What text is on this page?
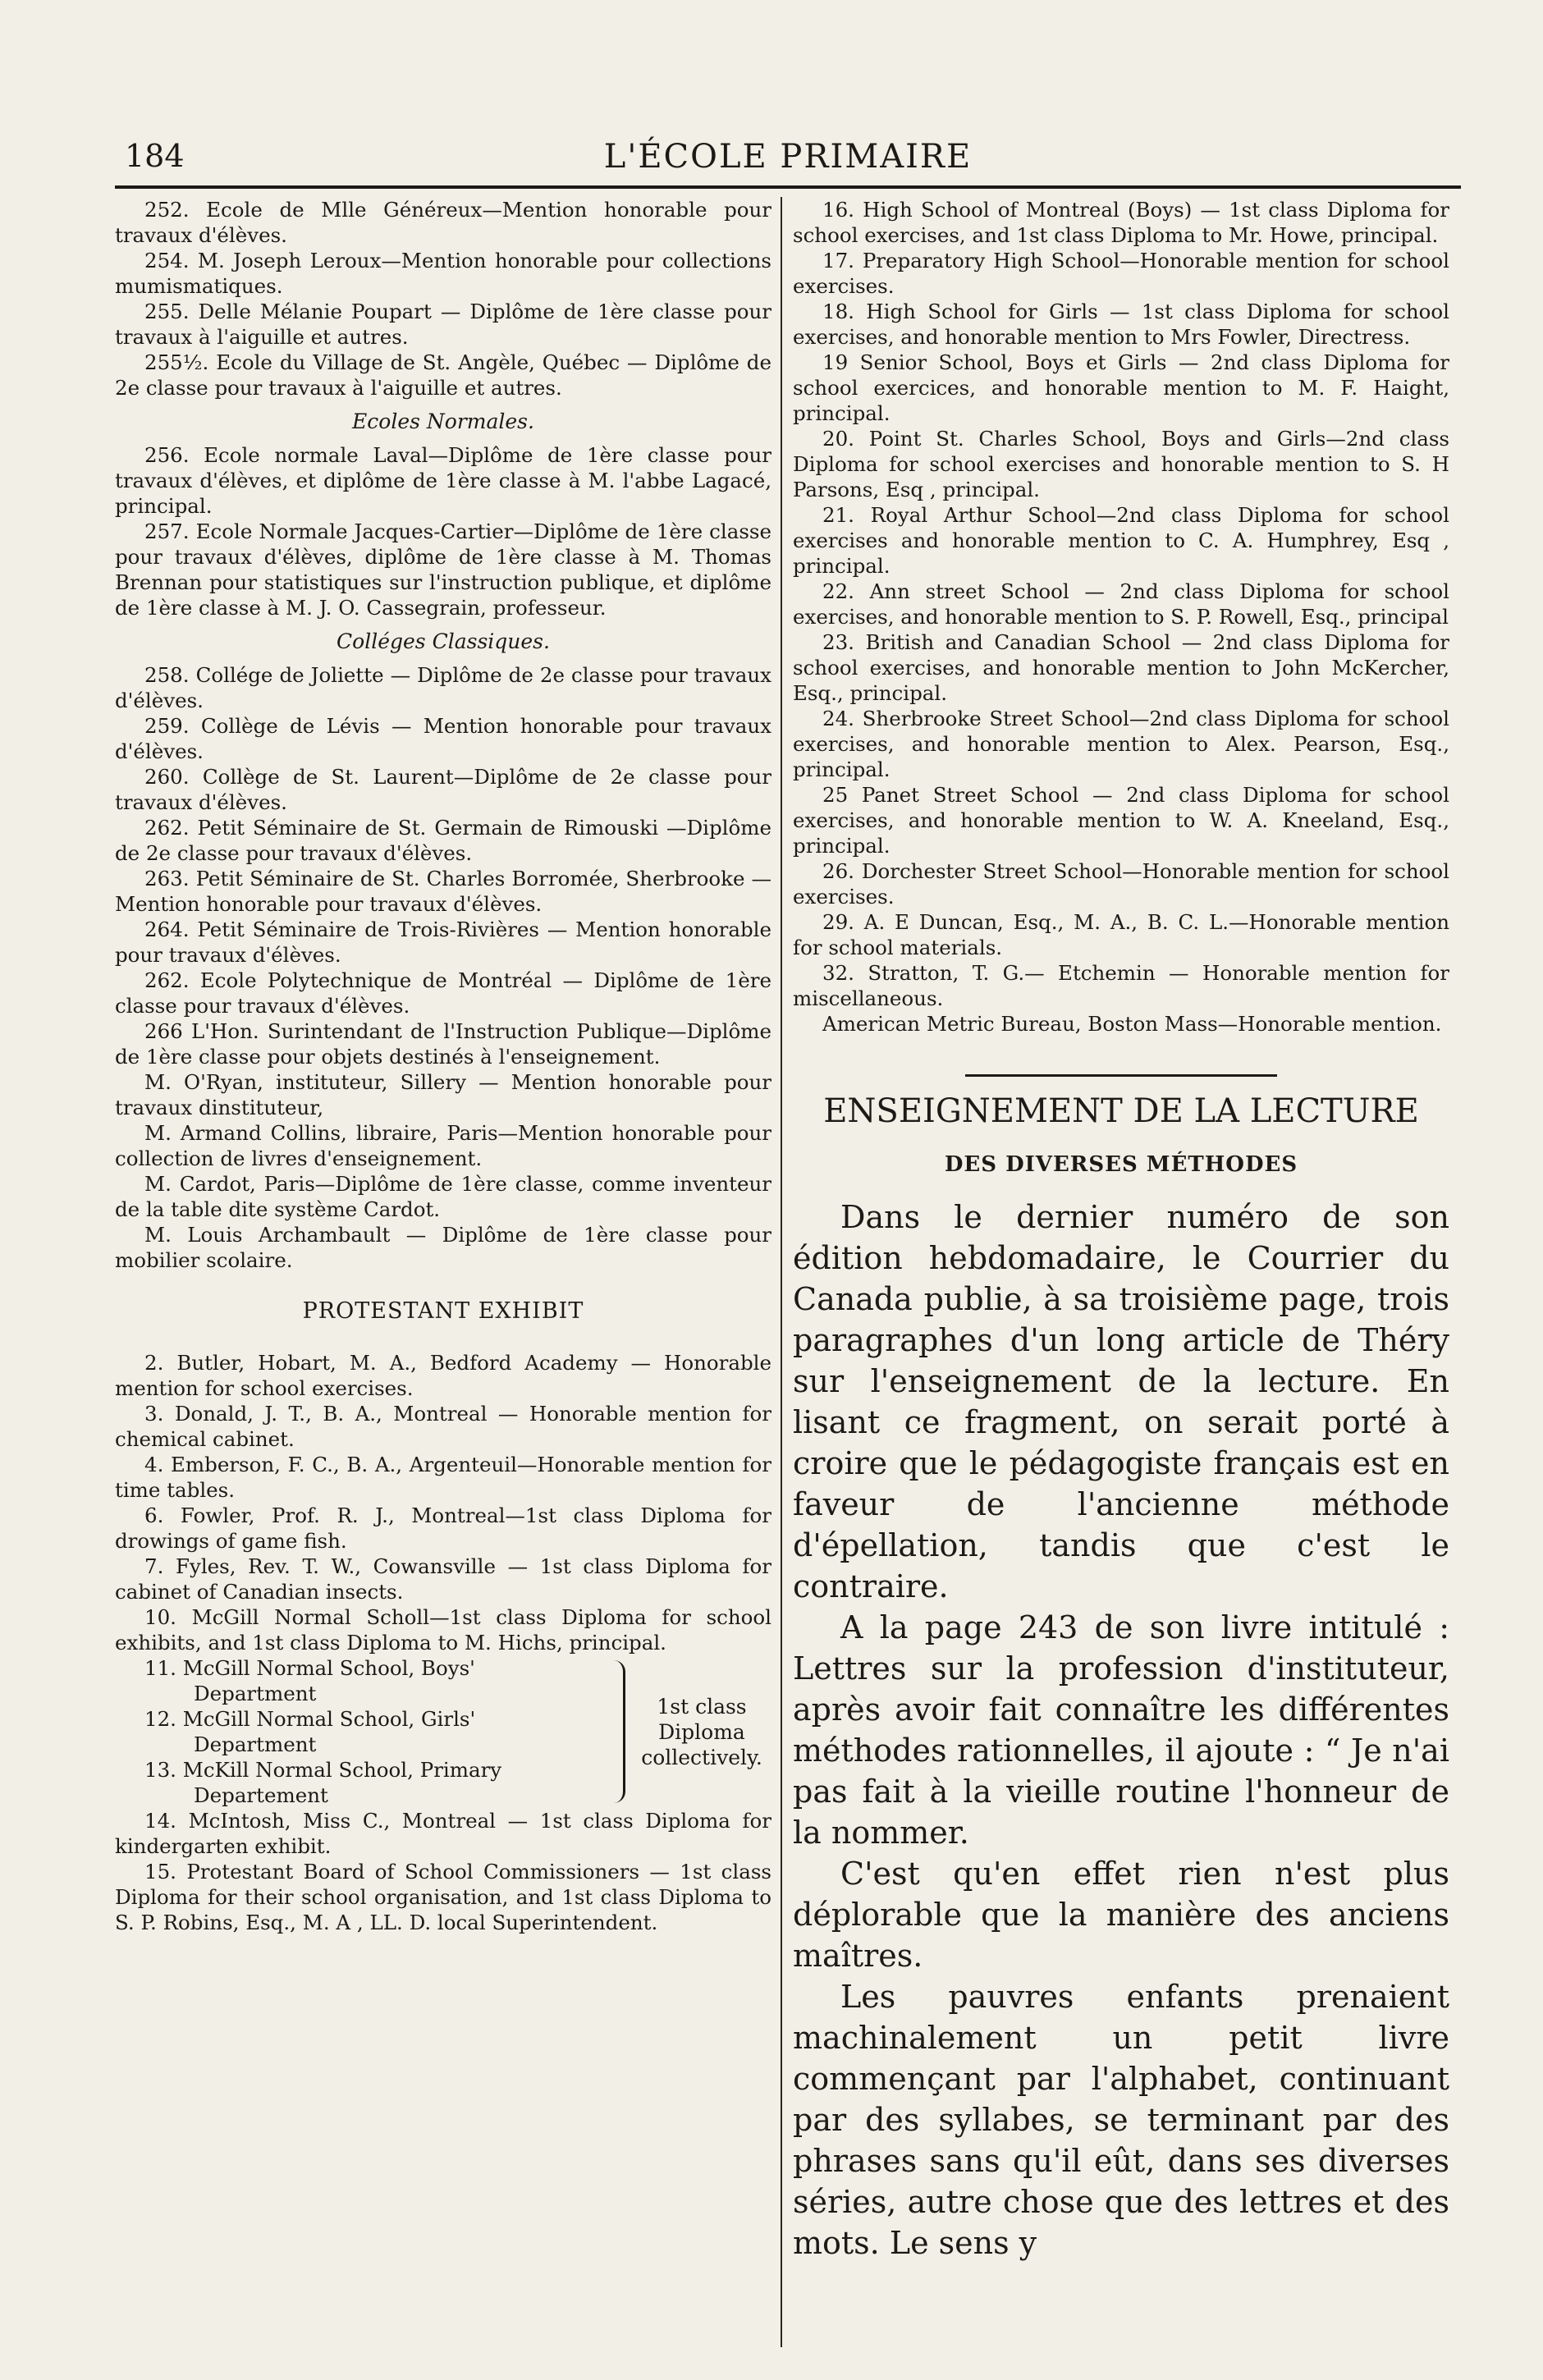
184	L'ÉCOLE PRIMAIRE

252. Ecole de Mlle Généreux—Mention honorable pour travaux d'élèves.

254. M. Joseph Leroux—Mention honorable pour collections mumismatiques.

255. Delle Mélanie Poupart — Diplôme de 1ère classe pour travaux à l'aiguille et autres.

255½. Ecole du Village de St. Angèle, Québec — Diplôme de 2e classe pour travaux à l'aiguille et autres.

Ecoles Normales.

256. Ecole normale Laval—Diplôme de 1ère classe pour travaux d'élèves, et diplôme de 1ère classe à M. l'abbe Lagacé, principal.

257. Ecole Normale Jacques-Cartier—Diplôme de 1ère classe pour travaux d'élèves, diplôme de 1ère classe à M. Thomas Brennan pour statistiques sur l'instruction publique, et diplôme de 1ère classe à M. J. O. Cassegrain, professeur.

Colléges Classiques.

258. Collége de Joliette — Diplôme de 2e classe pour travaux d'élèves.

259. Collège de Lévis — Mention honorable pour travaux d'élèves.

260. Collège de St. Laurent—Diplôme de 2e classe pour travaux d'élèves.

262. Petit Séminaire de St. Germain de Rimouski —Diplôme de 2e classe pour travaux d'élèves.

263. Petit Séminaire de St. Charles Borromée, Sherbrooke — Mention honorable pour travaux d'élèves.

264. Petit Séminaire de Trois-Rivières — Mention honorable pour travaux d'élèves.

262. Ecole Polytechnique de Montréal — Diplôme de 1ère classe pour travaux d'élèves.

266 L'Hon. Surintendant de l'Instruction Publique—Diplôme de 1ère classe pour objets destinés à l'enseignement.

M. O'Ryan, instituteur, Sillery — Mention honorable pour travaux dinstituteur,

M. Armand Collins, libraire, Paris—Mention honorable pour collection de livres d'enseignement.

M. Cardot, Paris—Diplôme de 1ère classe, comme inventeur de la table dite système Cardot.

M. Louis Archambault — Diplôme de 1ère classe pour mobilier scolaire.

PROTESTANT EXHIBIT

2. Butler, Hobart, M. A., Bedford Academy — Honorable mention for school exercises.

3. Donald, J. T., B. A., Montreal — Honorable mention for chemical cabinet.

4. Emberson, F. C., B. A., Argenteuil—Honorable mention for time tables.

6. Fowler, Prof. R. J., Montreal—1st class Diploma for drowings of game fish.

7. Fyles, Rev. T. W., Cowansville — 1st class Diploma for cabinet of Canadian insects.

10. McGill Normal Scholl—1st class Diploma for school exhibits, and 1st class Diploma to M. Hichs, principal.

11. McGill Normal School, Boys'

Department

12. McGill Normal School, Girls'

Department

13. McKill Normal School, Primary

Departement

1st class Diploma collectively.

14. McIntosh, Miss C., Montreal — 1st class Diploma for kindergarten exhibit.

15. Protestant Board of School Commissioners — 1st class Diploma for their school organisation, and 1st class Diploma to S. P. Robins, Esq., M. A , LL. D. local Superintendent.

16. High School of Montreal (Boys) — 1st class Diploma for school exercises, and 1st class Diploma to Mr. Howe, principal.

17. Preparatory High School—Honorable mention for school exercises.

18. High School for Girls — 1st class Diploma for school exercises, and honorable mention to Mrs Fowler, Directress.

19 Senior School, Boys et Girls — 2nd class Diploma for school exercices, and honorable mention to M. F. Haight, principal.

20. Point St. Charles School, Boys and Girls—2nd class Diploma for school exercises and honorable mention to S. H Parsons, Esq , principal.

21. Royal Arthur School—2nd class Diploma for school exercises and honorable mention to C. A. Humphrey, Esq , principal.

22. Ann street School — 2nd class Diploma for school exercises, and honorable mention to S. P. Rowell, Esq., principal

23. British and Canadian School — 2nd class Diploma for school exercises, and honorable mention to John McKercher, Esq., principal.

24. Sherbrooke Street School—2nd class Diploma for school exercises, and honorable mention to Alex. Pearson, Esq., principal.

25 Panet Street School — 2nd class Diploma for school exercises, and honorable mention to W. A. Kneeland, Esq., principal.

26. Dorchester Street School—Honorable mention for school exercises.

29. A. E Duncan, Esq., M. A., B. C. L.—Honorable mention for school materials.

32. Stratton, T. G.— Etchemin — Honorable mention for miscellaneous.

American Metric Bureau, Boston Mass—Honorable mention.

ENSEIGNEMENT DE LA LECTURE

DES DIVERSES MÉTHODES

Dans le dernier numéro de son édition hebdomadaire, le Courrier du Canada publie, à sa troisième page, trois paragraphes d'un long article de Théry sur l'enseignement de la lecture. En lisant ce fragment, on serait porté à croire que le pédagogiste français est en faveur de l'ancienne méthode d'épellation, tandis que c'est le contraire.

A la page 243 de son livre intitulé : Lettres sur la profession d'instituteur, après avoir fait connaître les différentes méthodes rationnelles, il ajoute : “ Je n'ai pas fait à la vieille routine l'honneur de la nommer.

C'est qu'en effet rien n'est plus déplorable que la manière des anciens maîtres.

Les pauvres enfants prenaient machinalement un petit livre commençant par l'alphabet, continuant par des syllabes, se terminant par des phrases sans qu'il eût, dans ses diverses séries, autre chose que des lettres et des mots. Le sens y
